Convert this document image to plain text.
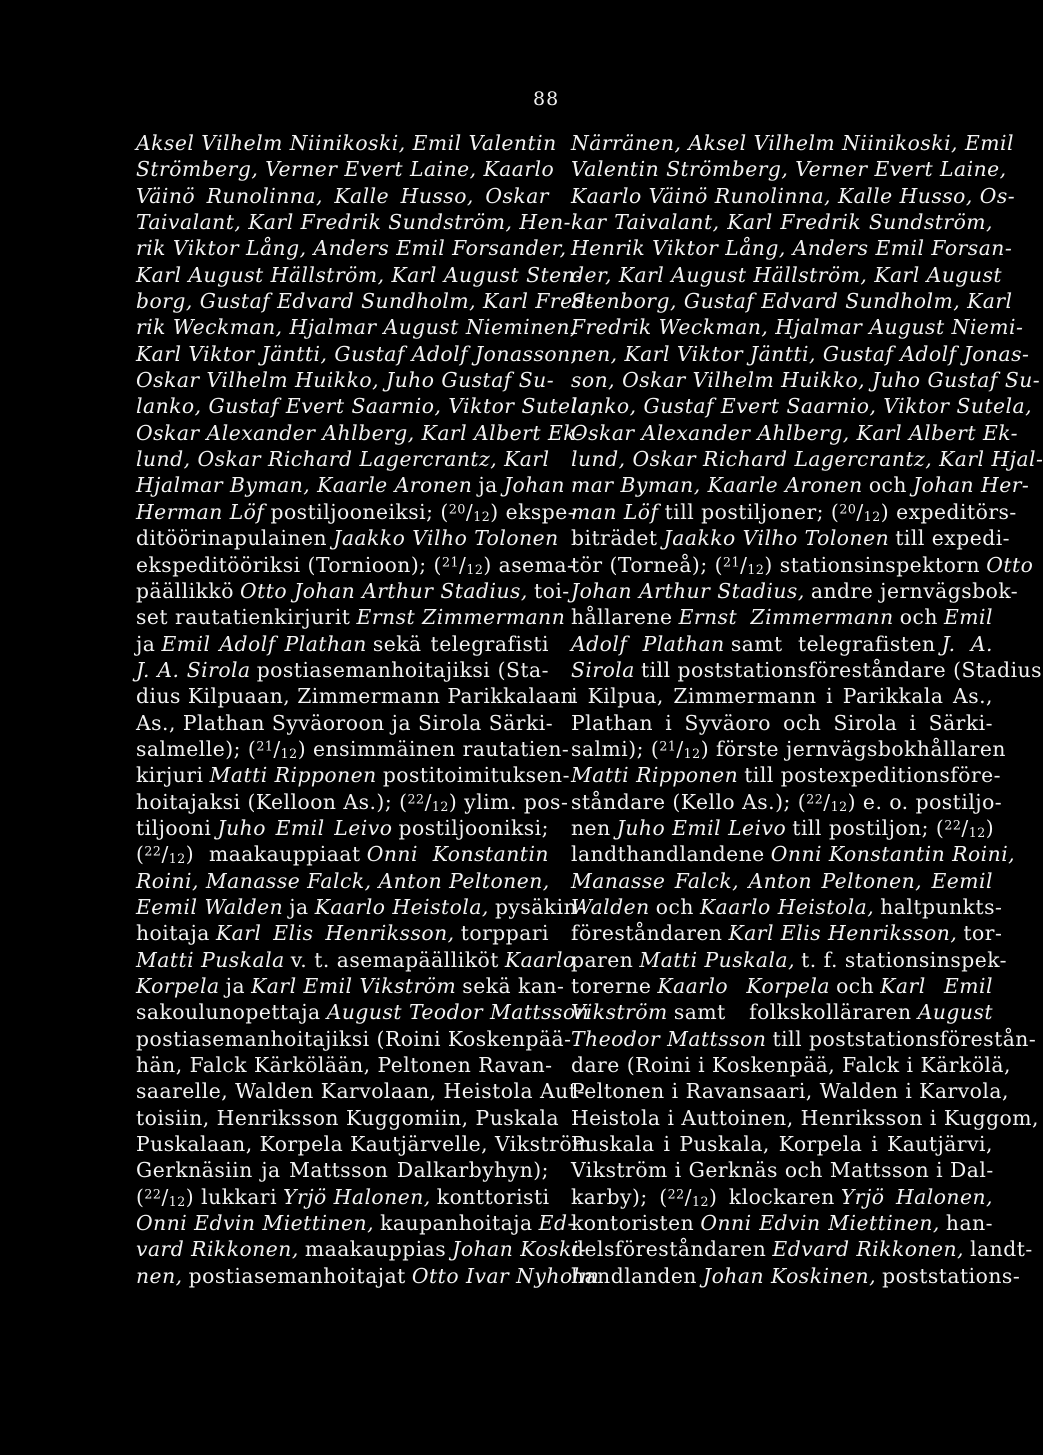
88
Aksel Vilhelm Niinikoski, Emil Valentin
Strömberg, Verner Evert Laine, Kaarlo
Väinö Runolinna, Kalle Husso, Oskar
Taivalant, Karl Fredrik Sundström, Hen-
rik Viktor Lång, Anders Emil Forsander,
Karl August Hällström, Karl August Sten-
borg, Gustaf Edvard Sundholm, Karl Fred-
rik Weckman, Hjalmar August Nieminen,
Karl Viktor Jäntti, Gustaf Adolf Jonasson,
Oskar Vilhelm Huikko, Juho Gustaf Su-
lanko, Gustaf Evert Saarnio, Viktor Sutela,
Oskar Alexander Ahlberg, Karl Albert Ek-
lund, Oskar Richard Lagercrantz, Karl
Hjalmar Byman, Kaarle Aronen ja Johan
Herman Löf postiljooneiksi; ($^{20}$/12) ekspe-
ditöörinapulainen Jaakko Vilho Tolonen
ekspeditööriksi (Tornioon); ($^{21}$/12) asema-
päällikkö Otto Johan Arthur Stadius, toi-
set rautatienkirjurit Ernst Zimmermann
ja Emil Adolf Plathan sekä telegrafisti
J. A. Sirola postiasemanhoitajiksi (Sta-
dius Kilpuaan, Zimmermann Parikkalaan
As., Plathan Syväoroon ja Sirola Särki-
salmelle); ($^{21}$/12) ensimmäinen rautatien-
kirjuri Matti Ripponen postitoimituksen-
hoitajaksi (Kelloon As.); ($^{22}$/12) ylim. pos-
tiljooni Juho Emil Leivo postiljooniksi;
($^{22}$/12) maakauppiaat Onni Konstantin
Roini, Manasse Falck, Anton Peltonen,
Eemil Walden ja Kaarlo Heistola, pysäkin-
hoitaja Karl Elis Henriksson, torppari
Matti Puskala v. t. asemapäälliköt Kaarlo
Korpela ja Karl Emil Vikström sekä kan-
sakoulunopettaja August Teodor Mattsson
postiasemanhoitajiksi (Roini Koskenpää-
hän, Falck Kärkölään, Peltonen Ravan-
saarelle, Walden Karvolaan, Heistola Aut-
toisiin, Henriksson Kuggomiin, Puskala
Puskalaan, Korpela Kautjärvelle, Vikström
Gerknäsiin ja Mattsson Dalkarbyhyn);
($^{22}$/12) lukkari Yrjö Halonen, konttoristi
Onni Edvin Miettinen, kaupanhoitaja Ed-
vard Rikkonen, maakauppias Johan Koski-
nen, postiasemanhoitajat Otto Ivar Nyholm
Närränen, Aksel Vilhelm Niinikoski, Emil
Valentin Strömberg, Verner Evert Laine,
Kaarlo Väinö Runolinna, Kalle Husso, Os-
kar Taivalant, Karl Fredrik Sundström,
Henrik Viktor Lång, Anders Emil Forsan-
der, Karl August Hällström, Karl August
Stenborg, Gustaf Edvard Sundholm, Karl
Fredrik Weckman, Hjalmar August Niemi-
nen, Karl Viktor Jäntti, Gustaf Adolf Jonas-
son, Oskar Vilhelm Huikko, Juho Gustaf Su-
lanko, Gustaf Evert Saarnio, Viktor Sutela,
Oskar Alexander Ahlberg, Karl Albert Ek-
lund, Oskar Richard Lagercrantz, Karl Hjal-
mar Byman, Kaarle Aronen och Johan Her-
man Löf till postiljoner; ($^{20}$/12) expeditörs-
biträdet Jaakko Vilho Tolonen till expedi-
tör (Torneå); ($^{21}$/12) stationsinspektorn Otto
Johan Arthur Stadius, andre jernvägsbok-
hållarene Ernst Zimmermann och Emil
Adolf Plathan samt telegrafisten J. A.
Sirola till poststationsföreståndare (Stadius
i Kilpua, Zimmermann i Parikkala As.,
Plathan i Syväoro och Sirola i Särki-
salmi); ($^{21}$/12) förste jernvägsbokhållaren
Matti Ripponen till postexpeditionsföre-
ståndare (Kello As.); ($^{22}$/12) e. o. postiljo-
nen Juho Emil Leivo till postiljon; ($^{22}$/12)
landthandlandene Onni Konstantin Roini,
Manasse Falck, Anton Peltonen, Eemil
Walden och Kaarlo Heistola, haltpunkts-
föreståndaren Karl Elis Henriksson, tor-
paren Matti Puskala, t. f. stationsinspek-
torerne Kaarlo Korpela och Karl Emil
Vikström samt folkskolläraren August
Theodor Mattsson till poststationsförestån-
dare (Roini i Koskenpää, Falck i Kärkölä,
Peltonen i Ravansaari, Walden i Karvola,
Heistola i Auttoinen, Henriksson i Kuggom,
Puskala i Puskala, Korpela i Kautjärvi,
Vikström i Gerknäs och Mattsson i Dal-
karby); ($^{22}$/12) klockaren Yrjö Halonen,
kontoristen Onni Edvin Miettinen, han-
delsföreståndaren Edvard Rikkonen, landt-
handlanden Johan Koskinen, poststations-
